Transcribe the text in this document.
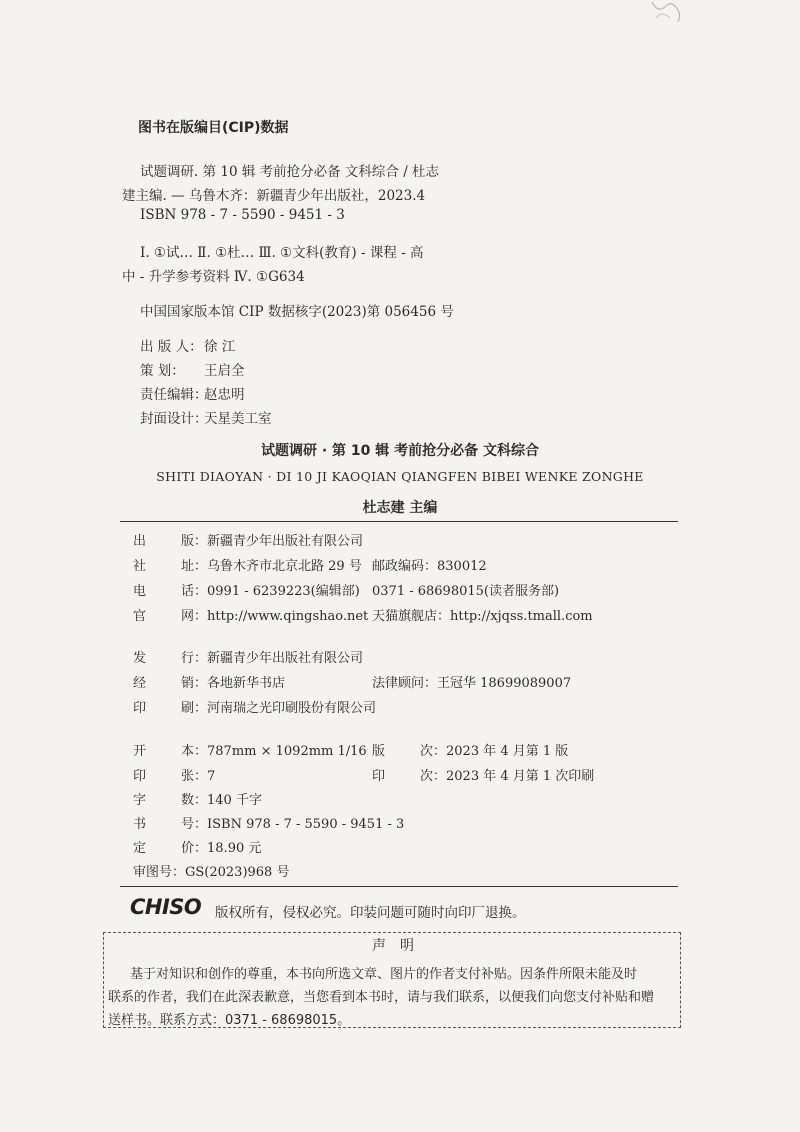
图书在版编目(CIP)数据
试题调研. 第 10 辑 考前抢分必备 文科综合 / 杜志
建主编. — 乌鲁木齐：新疆青少年出版社，2023.4
ISBN 978 - 7 - 5590 - 9451 - 3
Ⅰ. ①试… Ⅱ. ①杜… Ⅲ. ①文科(教育) - 课程 - 高
中 - 升学参考资料 Ⅳ. ①G634
中国国家版本馆 CIP 数据核字(2023)第 056456 号
出 版 人：徐 江
策 划： 王启全
责任编辑：赵忠明
封面设计：天星美工室
试题调研 · 第 10 辑 考前抢分必备 文科综合
SHITI DIAOYAN · DI 10 JI KAOQIAN QIANGFEN BIBEI WENKE ZONGHE
杜志建 主编
出	版：新疆青少年出版社有限公司
社	址：乌鲁木齐市北京北路 29 号 邮政编码：830012
电	话：0991 - 6239223(编辑部) 0371 - 68698015(读者服务部)
官	网：http://www.qingshao.net 天猫旗舰店：http://xjqss.tmall.com
发	行：新疆青少年出版社有限公司
经	销：各地新华书店	法律顾问：王冠华 18699089007
印	刷：河南瑞之光印刷股份有限公司
开	本：787mm × 1092mm 1/16 版	次：2023 年 4 月第 1 版
印	张：7	印	次：2023 年 4 月第 1 次印刷
字	数：140 千字
书	号：ISBN 978 - 7 - 5590 - 9451 - 3
定	价：18.90 元
审图号：GS(2023)968 号
CHISO 版权所有，侵权必究。印装问题可随时向印厂退换。
声明
基于对知识和创作的尊重，本书向所选文章、图片的作者支付补贴。因条件所限未能及时
联系的作者，我们在此深表歉意，当您看到本书时，请与我们联系，以便我们向您支付补贴和赠
送样书。联系方式：0371 - 68698015。
